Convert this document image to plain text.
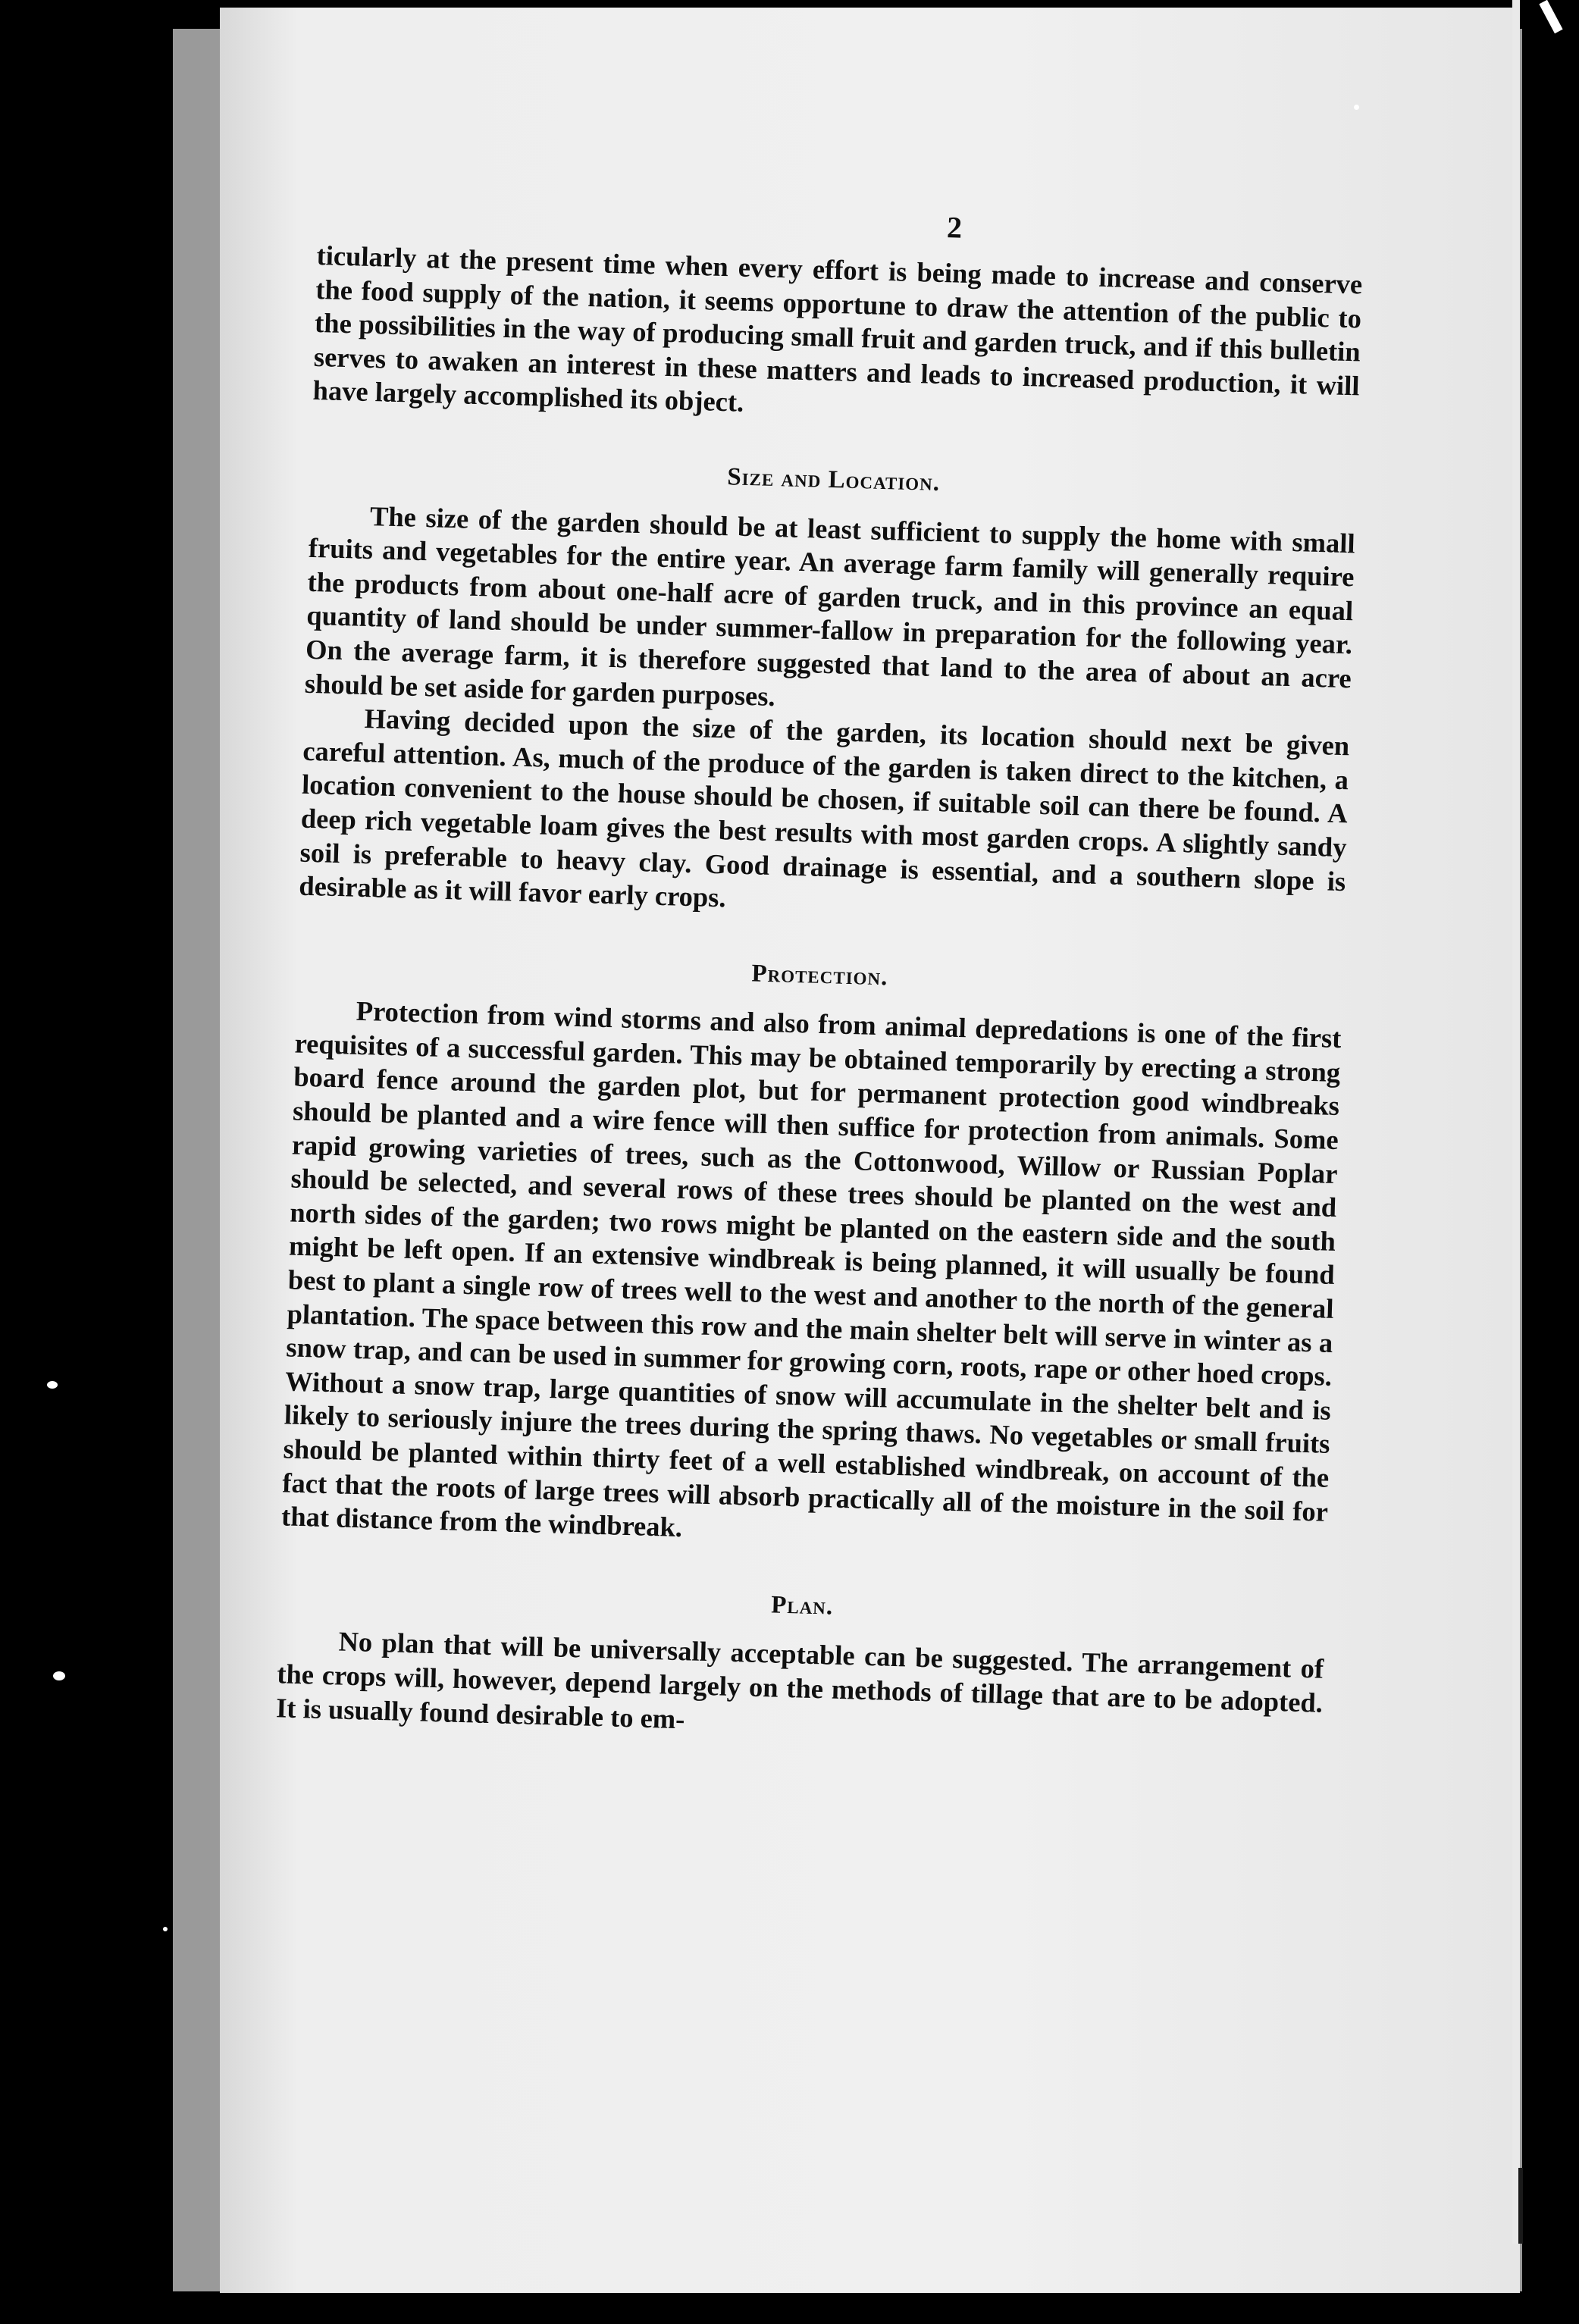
2

ticularly at the present time when every effort is being made to increase and conserve the food supply of the nation, it seems opportune to draw the attention of the public to the possibilities in the way of producing small fruit and garden truck, and if this bulletin serves to awaken an interest in these matters and leads to increased production, it will have largely accomplished its object.

Size and Location.

The size of the garden should be at least sufficient to supply the home with small fruits and vegetables for the entire year. An average farm family will generally require the products from about one-half acre of garden truck, and in this province an equal quantity of land should be under summer-fallow in preparation for the following year. On the average farm, it is therefore suggested that land to the area of about an acre should be set aside for garden purposes.

Having decided upon the size of the garden, its location should next be given careful attention. As, much of the produce of the garden is taken direct to the kitchen, a location convenient to the house should be chosen, if suitable soil can there be found. A deep rich vegetable loam gives the best results with most garden crops. A slightly sandy soil is preferable to heavy clay. Good drainage is essential, and a southern slope is desirable as it will favor early crops.

Protection.

Protection from wind storms and also from animal depredations is one of the first requisites of a successful garden. This may be obtained temporarily by erecting a strong board fence around the garden plot, but for permanent protection good windbreaks should be planted and a wire fence will then suffice for protection from animals. Some rapid growing varieties of trees, such as the Cottonwood, Willow or Russian Poplar should be selected, and several rows of these trees should be planted on the west and north sides of the garden; two rows might be planted on the eastern side and the south might be left open. If an extensive windbreak is being planned, it will usually be found best to plant a single row of trees well to the west and another to the north of the general plantation. The space between this row and the main shelter belt will serve in winter as a snow trap, and can be used in summer for growing corn, roots, rape or other hoed crops. Without a snow trap, large quantities of snow will accumulate in the shelter belt and is likely to seriously injure the trees during the spring thaws. No vegetables or small fruits should be planted within thirty feet of a well established windbreak, on account of the fact that the roots of large trees will absorb practically all of the moisture in the soil for that distance from the windbreak.

Plan.

No plan that will be universally acceptable can be suggested. The arrangement of the crops will, however, depend largely on the methods of tillage that are to be adopted. It is usually found desirable to em-
